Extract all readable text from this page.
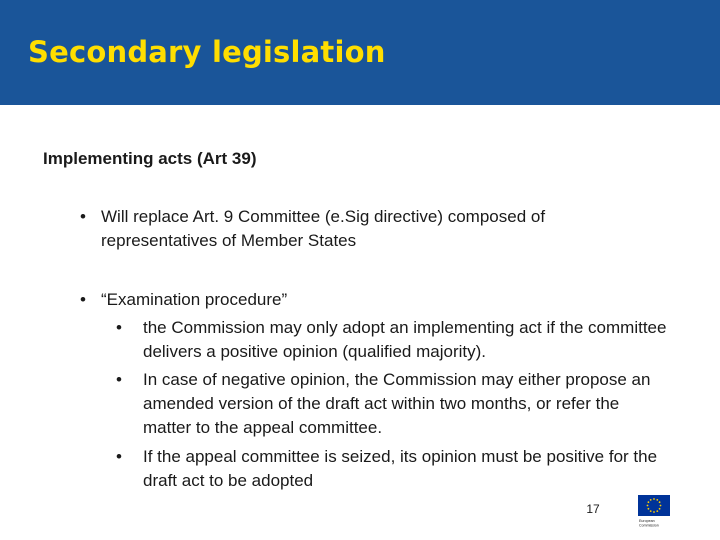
Secondary legislation
Implementing acts (Art 39)
• Will replace Art. 9 Committee (e.Sig directive) composed of representatives of Member States
• “Examination procedure”
• the Commission may only adopt an implementing act if the committee delivers a positive opinion (qualified majority).
• In case of negative opinion, the Commission may either propose an amended version of the draft act within two months, or refer the matter to the appeal committee.
• If the appeal committee is seized, its opinion must be positive for the draft act to be adopted
17
European
Commission
